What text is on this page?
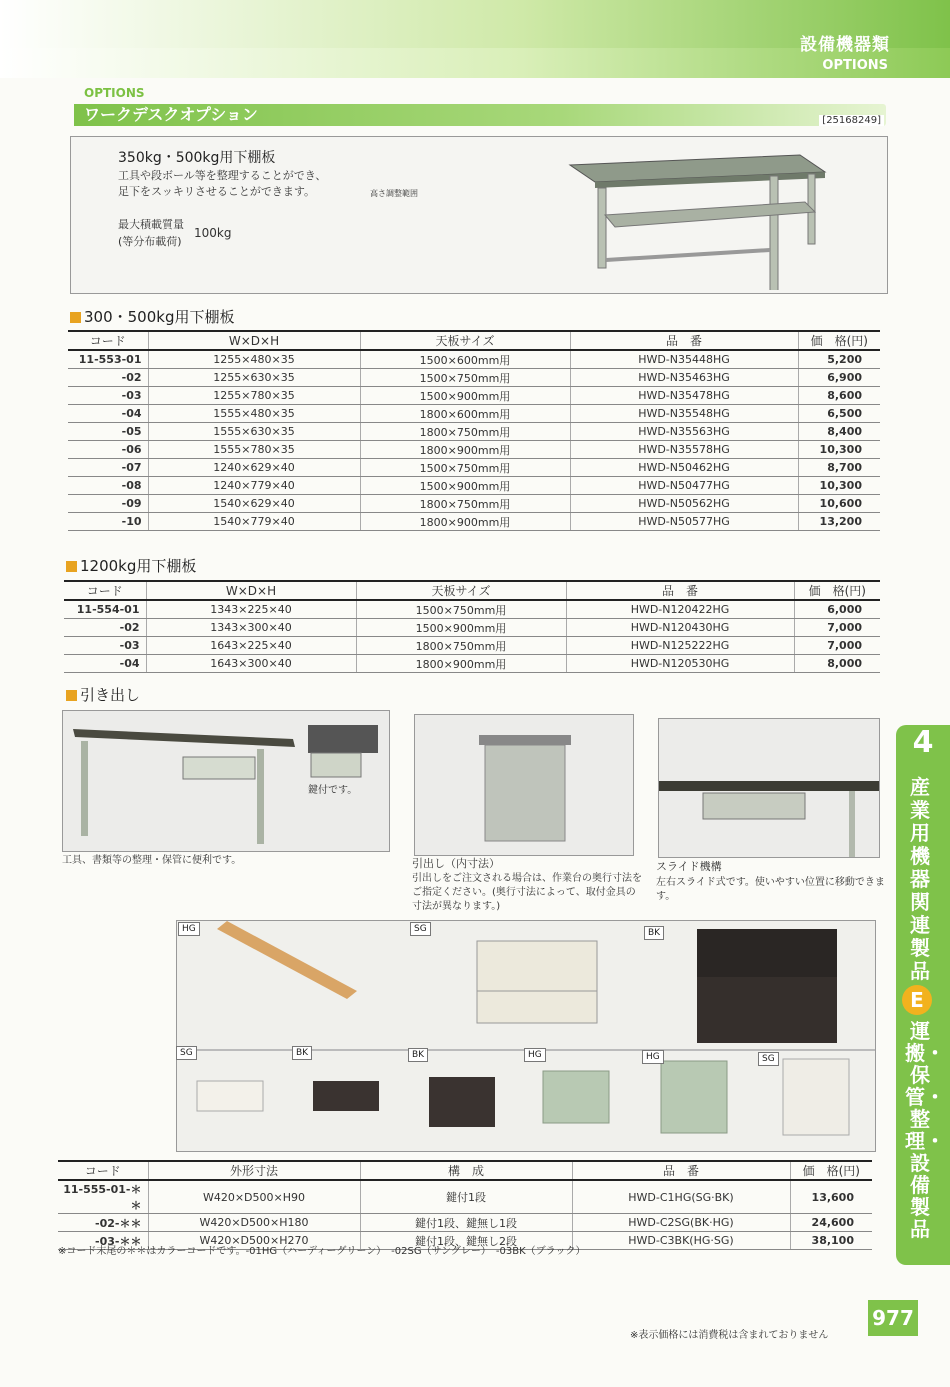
設備機器類
OPTIONS
OPTIONS
ワークデスクオプション	[25168249]
350kg・500kg用下棚板
工具や段ボール等を整理することができ、
足下をスッキリさせることができます。
最大積載質量
(等分布載荷)
100kg
高さ調整範囲
300・500kg用下棚板
コード	W×D×H	天板サイズ	品　番	価　格(円)
11-553-01	1255×480×35	1500×600mm用	HWD-N35448HG	5,200
-02	1255×630×35	1500×750mm用	HWD-N35463HG	6,900
-03	1255×780×35	1500×900mm用	HWD-N35478HG	8,600
-04	1555×480×35	1800×600mm用	HWD-N35548HG	6,500
-05	1555×630×35	1800×750mm用	HWD-N35563HG	8,400
-06	1555×780×35	1800×900mm用	HWD-N35578HG	10,300
-07	1240×629×40	1500×750mm用	HWD-N50462HG	8,700
-08	1240×779×40	1500×900mm用	HWD-N50477HG	10,300
-09	1540×629×40	1800×750mm用	HWD-N50562HG	10,600
-10	1540×779×40	1800×900mm用	HWD-N50577HG	13,200
1200kg用下棚板
コード	W×D×H	天板サイズ	品　番	価　格(円)
11-554-01	1343×225×40	1500×750mm用	HWD-N120422HG	6,000
-02	1343×300×40	1500×900mm用	HWD-N120430HG	7,000
-03	1643×225×40	1800×750mm用	HWD-N125222HG	7,000
-04	1643×300×40	1800×900mm用	HWD-N120530HG	8,000
引き出し
鍵付です。
工具、書類等の整理・保管に便利です。	引出し（内寸法）
引出しをご注文される場合は、作業台の奥行寸法を
ご指定ください。(奥行寸法によって、取付金具の
寸法が異なります。)
スライド機構
左右スライド式です。使いやすい位置に移動できま
す。
HG	SG	BK
SG	BK	BK	HG	HG	SG
コード	外形寸法	構　成	品　番	価　格(円)
11-555-01-＊＊	W420×D500×H90	鍵付1段	HWD-C1HG(SG·BK)	13,600
-02-＊＊	W420×D500×H180	鍵付1段、鍵無し1段	HWD-C2SG(BK·HG)	24,600
-03-＊＊	W420×D500×H270	鍵付1段、鍵無し2段	HWD-C3BK(HG·SG)	38,100
※コード末尾の＊＊はカラーコードです。-01HG（ハーディーグリーン）　-02SG（サングレー）　-03BK（ブラック）
4
産業用機器関連製品
E
運搬・保管・整理・設備製品
977
※表示価格には消費税は含まれておりません
